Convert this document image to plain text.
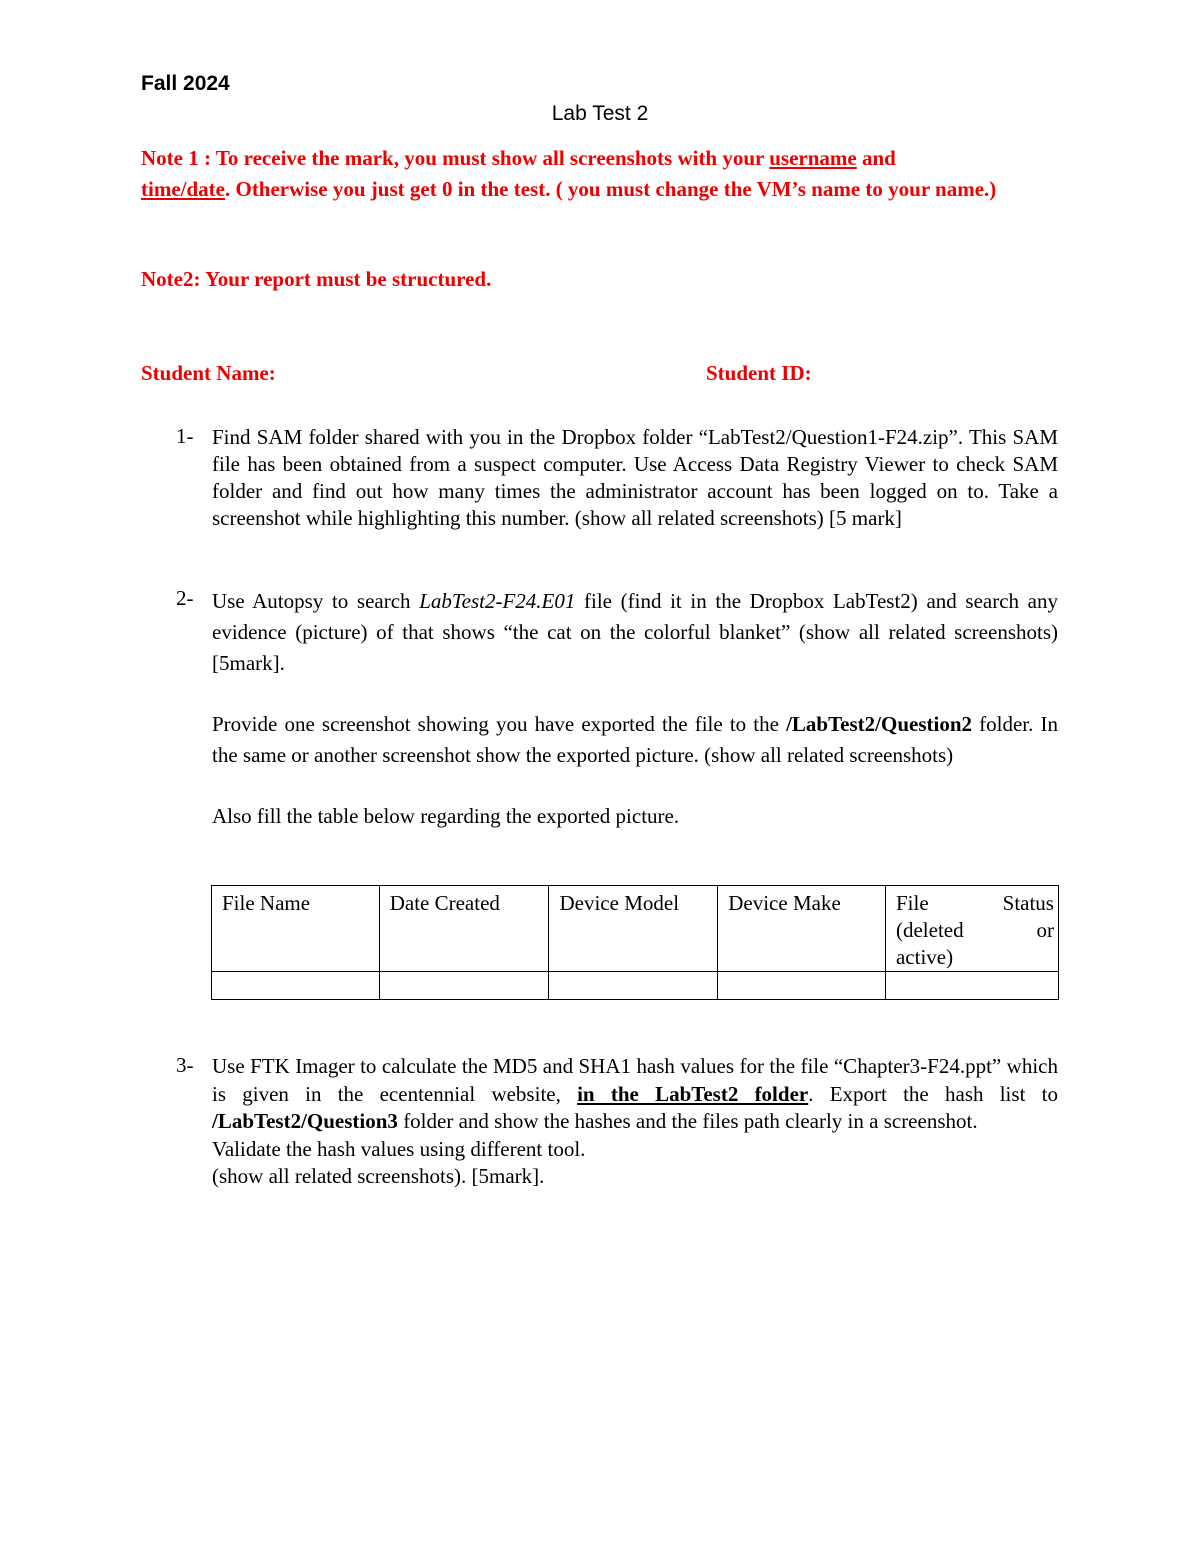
Fall 2024
Lab Test 2
Note 1 : To receive the mark, you must show all screenshots with your username and
time/date. Otherwise you just get 0 in the test. ( you must change the VM’s name to your name.)
Note2: Your report must be structured.
Student Name:	Student ID:
1- Find SAM folder shared with you in the Dropbox folder “LabTest2/Question1-F24.zip”. This SAM file has been obtained from a suspect computer. Use Access Data Registry Viewer to check SAM folder and find out how many times the administrator account has been logged on to. Take a screenshot while highlighting this number. (show all related screenshots) [5 mark]
2- Use Autopsy to search LabTest2-F24.E01 file (find it in the Dropbox LabTest2) and search any evidence (picture) of that shows “the cat on the colorful blanket” (show all related screenshots) [5mark].
Provide one screenshot showing you have exported the file to the /LabTest2/Question2 folder. In the same or another screenshot show the exported picture. (show all related screenshots)
Also fill the table below regarding the exported picture.
File Name	Date Created	Device Model	Device Make	File Status
(deleted or
active)

3- Use FTK Imager to calculate the MD5 and SHA1 hash values for the file “Chapter3-F24.ppt” which is given in the ecentennial website, in the LabTest2 folder. Export the hash list to /LabTest2/Question3 folder and show the hashes and the files path clearly in a screenshot.
Validate the hash values using different tool.
(show all related screenshots). [5mark].
